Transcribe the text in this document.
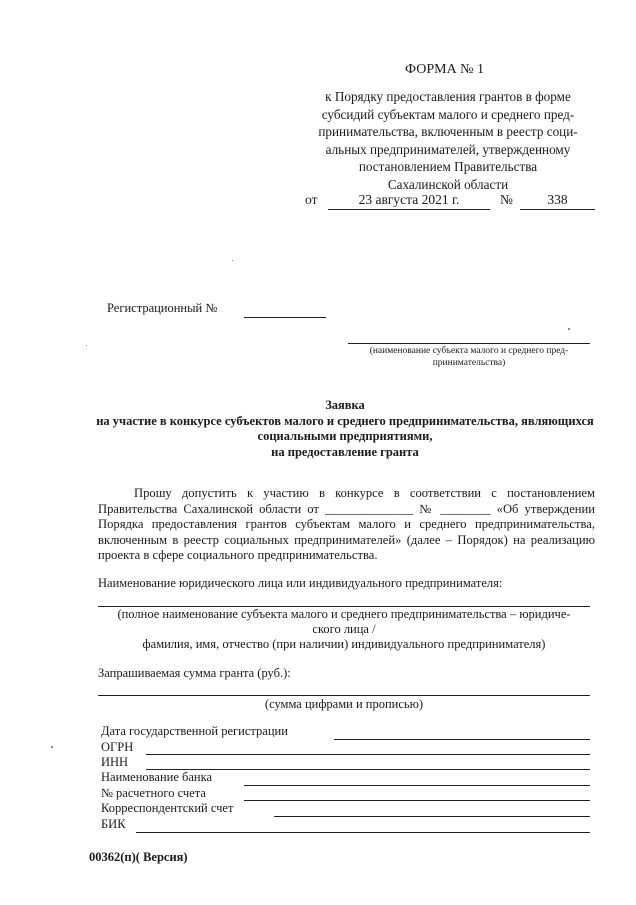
ФОРМА № 1
к Порядку предоставления грантов в форме
субсидий субъектам малого и среднего пред-
принимательства, включенным в реестр соци-
альных предпринимателей, утвержденному
постановлением Правительства
Сахалинской области
от	23 августа 2021 г.	№	338
Регистрационный №
(наименование субъекта малого и среднего пред-
принимательства)
Заявка
на участие в конкурсе субъектов малого и среднего предпринимательства, являющихся
социальными предприятиями,
на предоставление гранта
Прошу допустить к участию в конкурсе в соответствии с постановлением Правительства Сахалинской области от ______________ № ________ «Об утверждении Порядка предоставления грантов субъектам малого и среднего предпринимательства, включенным в реестр социальных предпринимателей» (далее – Порядок) на реализацию проекта в сфере социального предпринимательства.
Наименование юридического лица или индивидуального предпринимателя:
(полное наименование субъекта малого и среднего предпринимательства – юридиче-
ского лица /
фамилия, имя, отчество (при наличии) индивидуального предпринимателя)
Запрашиваемая сумма гранта (руб.):
(сумма цифрами и прописью)
Дата государственной регистрации
ОГРН
ИНН
Наименование банка
№ расчетного счета
Корреспондентский счет
БИК
00362(п)( Версия)
